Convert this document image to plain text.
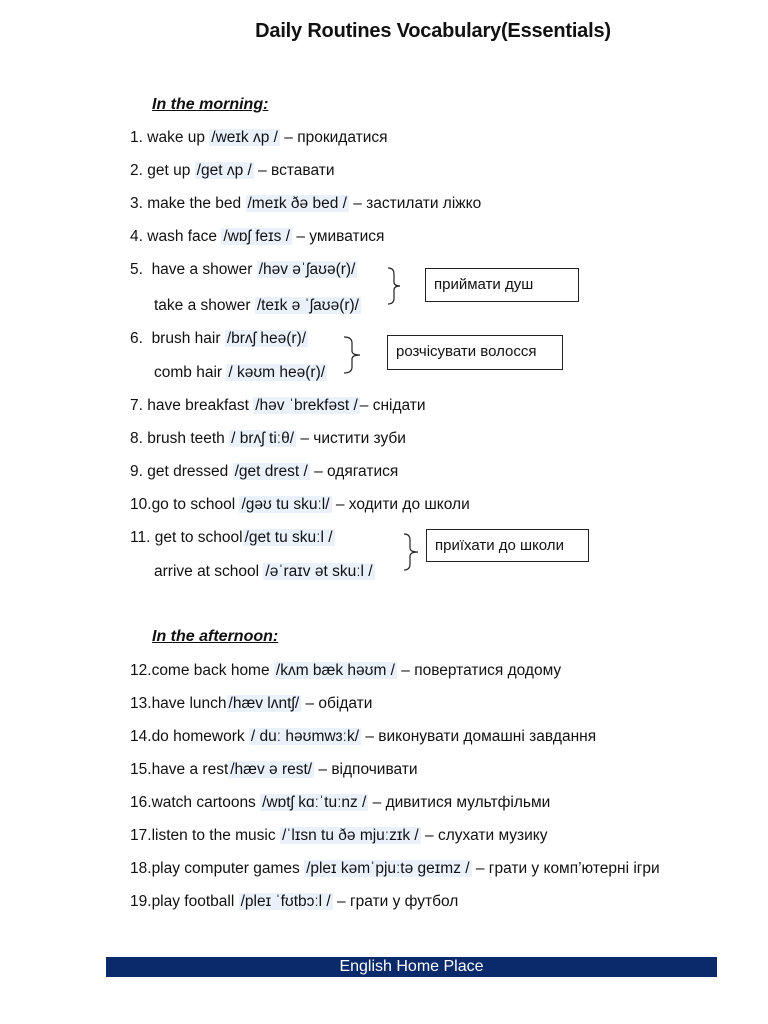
Daily Routines Vocabulary(Essentials)
In the morning:
1. wake up /weɪk ʌp / – прокидатися
2. get up /get ʌp / – вставати
3. make the bed /meɪk ðə bed / – застилати ліжко
4. wash face /wɒʃ feɪs / – умиватися
5. have a shower /həv əˈʃaʊə(r)/
take a shower /teɪk ə ˈʃaʊə(r)/
6. brush hair /brʌʃ heə(r)/
comb hair / kəʊm heə(r)/
7. have breakfast /həv ˈbrekfəst / – снідати
8. brush teeth / brʌʃ tiːθ/ – чистити зуби
9. get dressed /get drest / – одягатися
10.go to school /gəʊ tu skuːl/ – ходити до школи
11. get to school /get tu skuːl /
arrive at school /əˈraɪv ət skuːl /
приймати душ
розчісувати волосся
приїхати до школи
In the afternoon:
12.come back home /kʌm bæk həʊm / – повертатися додому
13.have lunch /hæv lʌntʃ/ – обідати
14.do homework / duː həʊmwɜːk/ – виконувати домашні завдання
15.have a rest /hæv ə rest/ – відпочивати
16.watch cartoons /wɒtʃ kɑːˈtuːnz / – дивитися мультфільми
17.listen to the music /ˈlɪsn tu ðə mjuːzɪk / – слухати музику
18.play computer games /pleɪ kəmˈpjuːtə geɪmz / – грати у комп’ютерні ігри
19.play football /pleɪ ˈfʊtbɔːl / – грати у футбол
English Home Place
